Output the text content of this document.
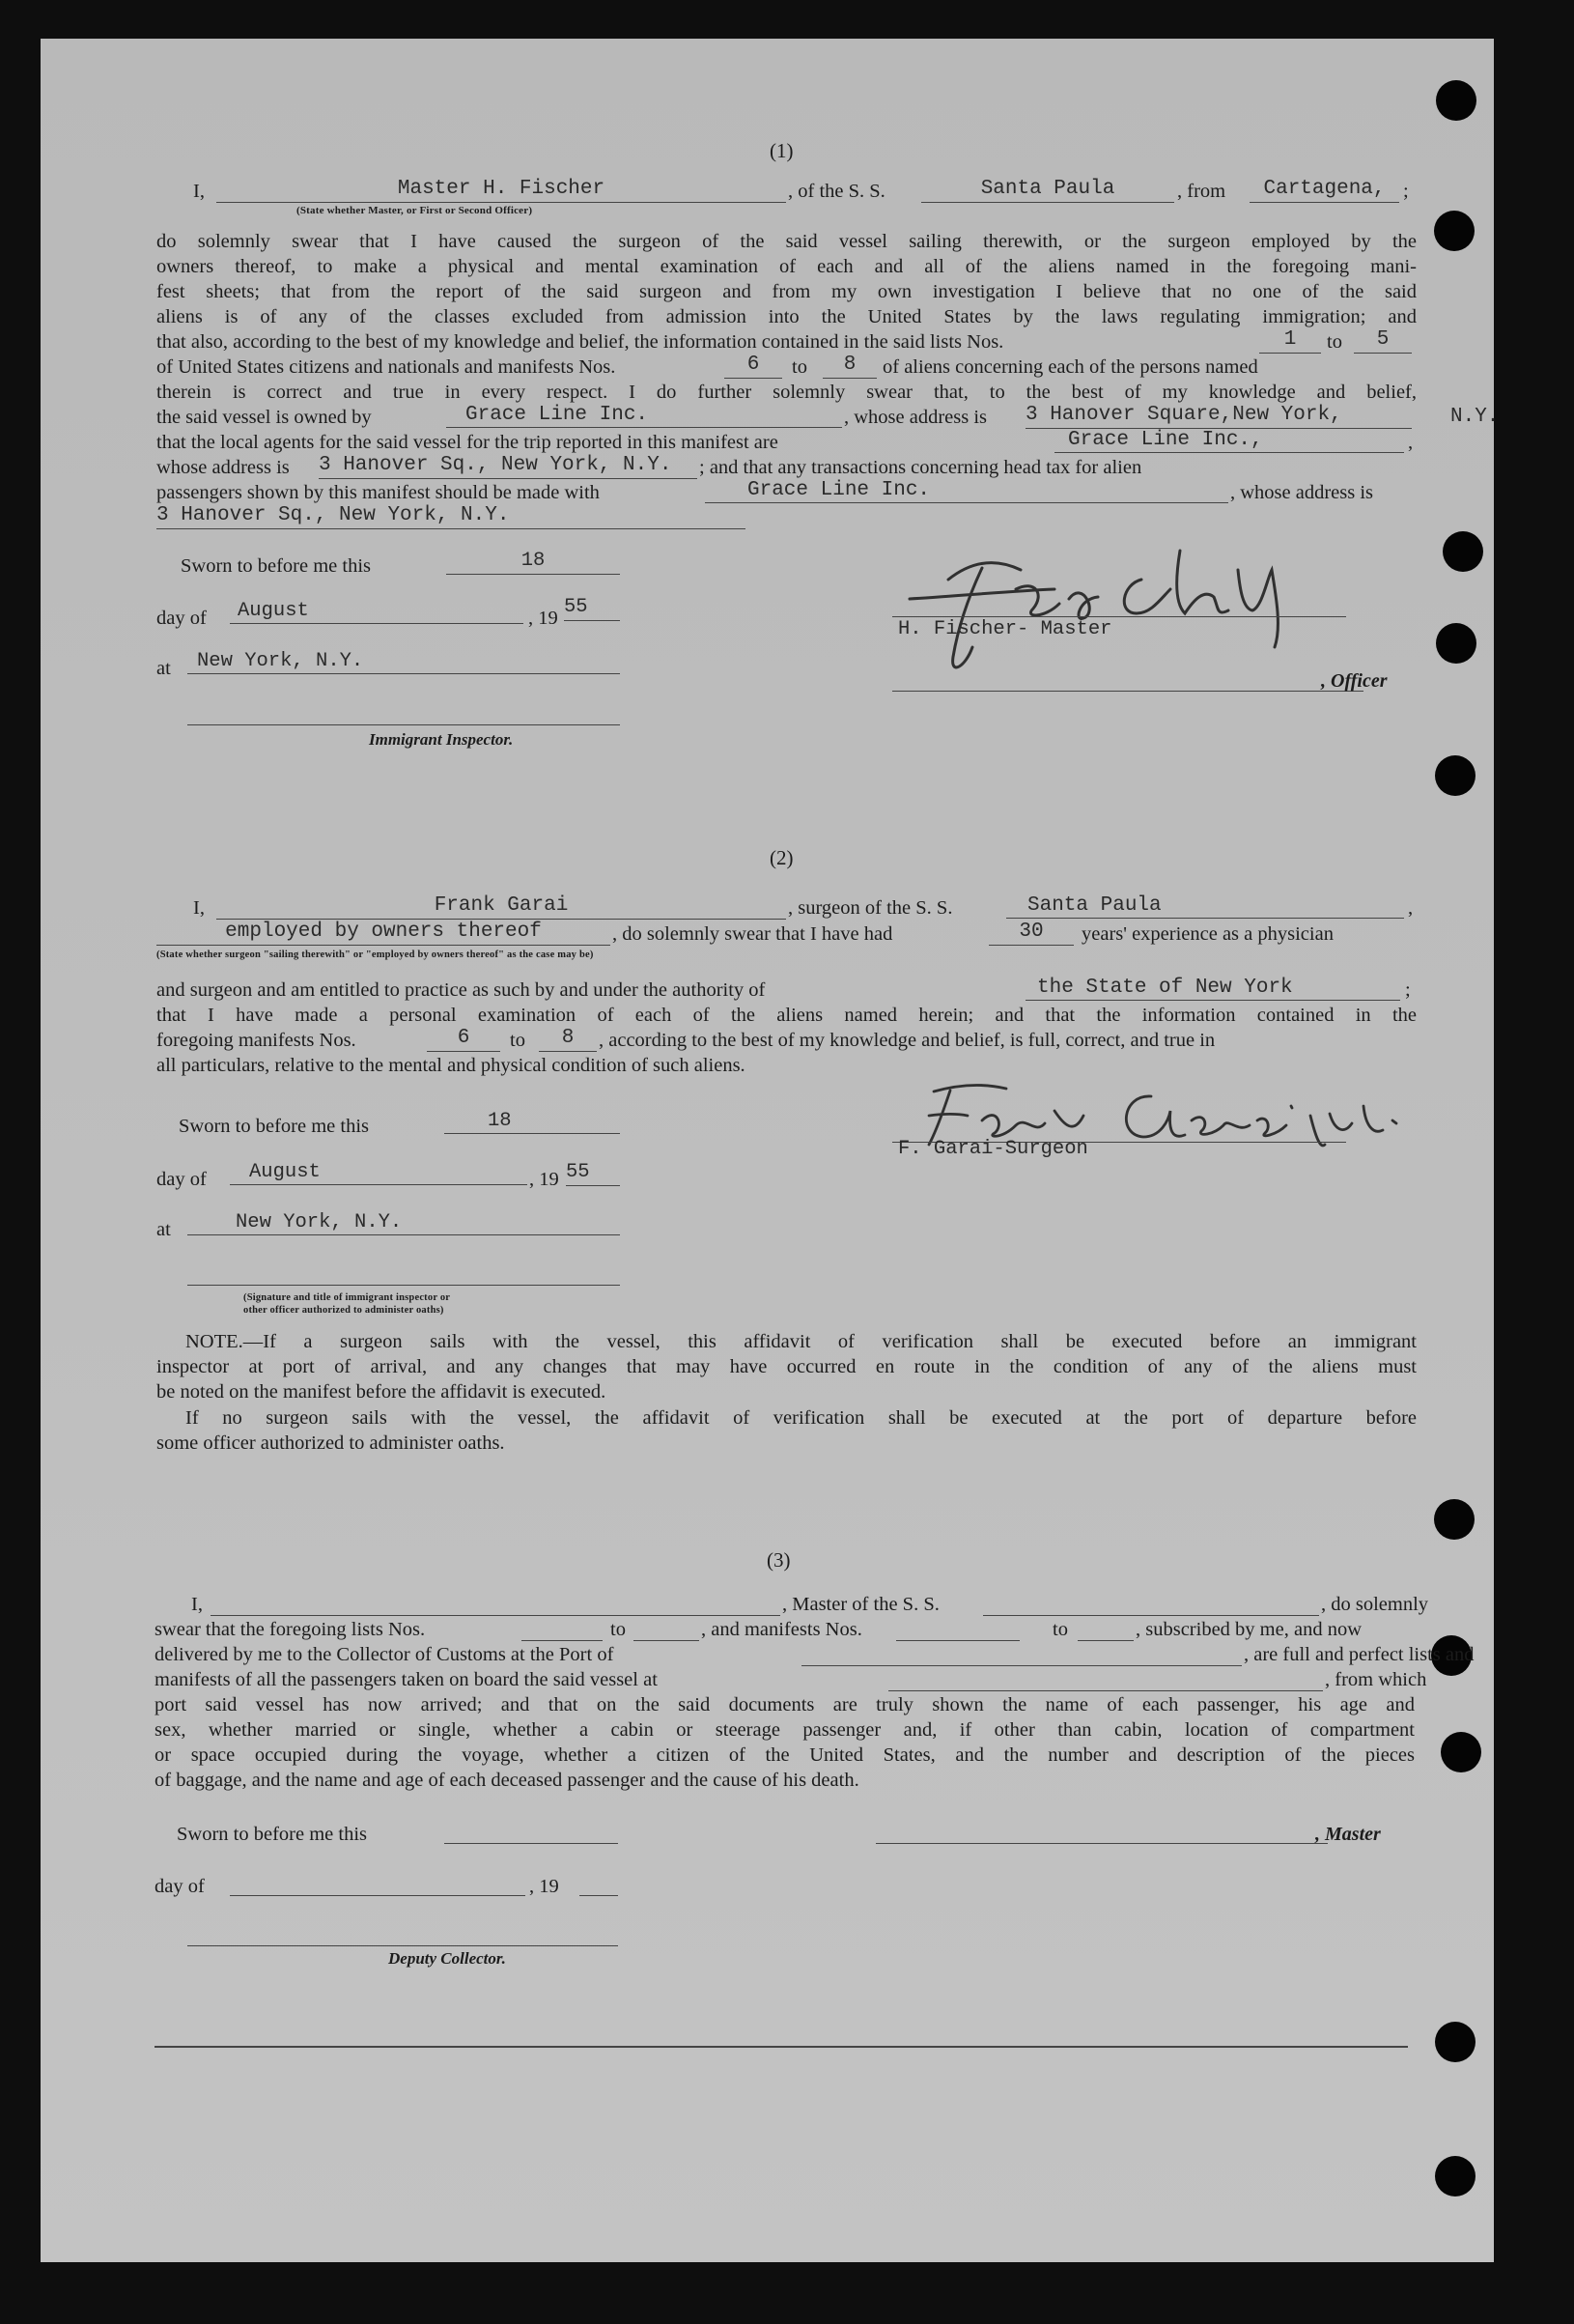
(1)
I,	Master H. Fischer	, of the S. S.	Santa Paula	, from	Cartagena, ;
(State whether Master, or First or Second Officer)
do solemnly swear that I have caused the surgeon of the said vessel sailing therewith, or the surgeon employed by the
owners thereof, to make a physical and mental examination of each and all of the aliens named in the foregoing mani-
fest sheets; that from the report of the said surgeon and from my own investigation I believe that no one of the said
aliens is of any of the classes excluded from admission into the United States by the laws regulating immigration; and
that also, according to the best of my knowledge and belief, the information contained in the said lists Nos.	1	to	5
of United States citizens and nationals and manifests Nos.	6	to	8	of aliens concerning each of the persons named
therein is correct and true in every respect. I do further solemnly swear that, to the best of my knowledge and belief,
the said vessel is owned by	Grace Line Inc.	, whose address is 3 Hanover Square,New York,	N.Y.
that the local agents for the said vessel for the trip reported in this manifest are	Grace Line Inc.,	,
whose address is 3 Hanover Sq., New York, N.Y.	; and that any transactions concerning head tax for alien
passengers shown by this manifest should be made with	Grace Line Inc.	, whose address is
3 Hanover Sq., New York, N.Y.
Sworn to before me this	18
day of	August	, 19 55
at	New York, N.Y.
Immigrant Inspector.
H. Fischer- Master
, Officer
(2)
I,	Frank Garai	, surgeon of the S. S.	Santa Paula	,
employed by owners thereof	, do solemnly swear that I have had	30	years' experience as a physician
(State whether surgeon "sailing therewith" or "employed by owners thereof" as the case may be)
and surgeon and am entitled to practice as such by and under the authority of	the State of New York	;
that I have made a personal examination of each of the aliens named herein; and that the information contained in the
foregoing manifests Nos.	6	to	8	, according to the best of my knowledge and belief, is full, correct, and true in
all particulars, relative to the mental and physical condition of such aliens.
Sworn to before me this	18
day of	August	, 19 55
at	New York, N.Y.
(Signature and title of immigrant inspector or
other officer authorized to administer oaths)
F. Garai-Surgeon
NOTE.—If a surgeon sails with the vessel, this affidavit of verification shall be executed before an immigrant
inspector at port of arrival, and any changes that may have occurred en route in the condition of any of the aliens must
be noted on the manifest before the affidavit is executed.
If no surgeon sails with the vessel, the affidavit of verification shall be executed at the port of departure before
some officer authorized to administer oaths.
(3)
I,	, Master of the S. S.	, do solemnly
swear that the foregoing lists Nos.	to	, and manifests Nos.	to	, subscribed by me, and now
delivered by me to the Collector of Customs at the Port of	, are full and perfect lists and
manifests of all the passengers taken on board the said vessel at	, from which
port said vessel has now arrived; and that on the said documents are truly shown the name of each passenger, his age and
sex, whether married or single, whether a cabin or steerage passenger and, if other than cabin, location of compartment
or space occupied during the voyage, whether a citizen of the United States, and the number and description of the pieces
of baggage, and the name and age of each deceased passenger and the cause of his death.
Sworn to before me this	, Master
day of	, 19
Deputy Collector.
